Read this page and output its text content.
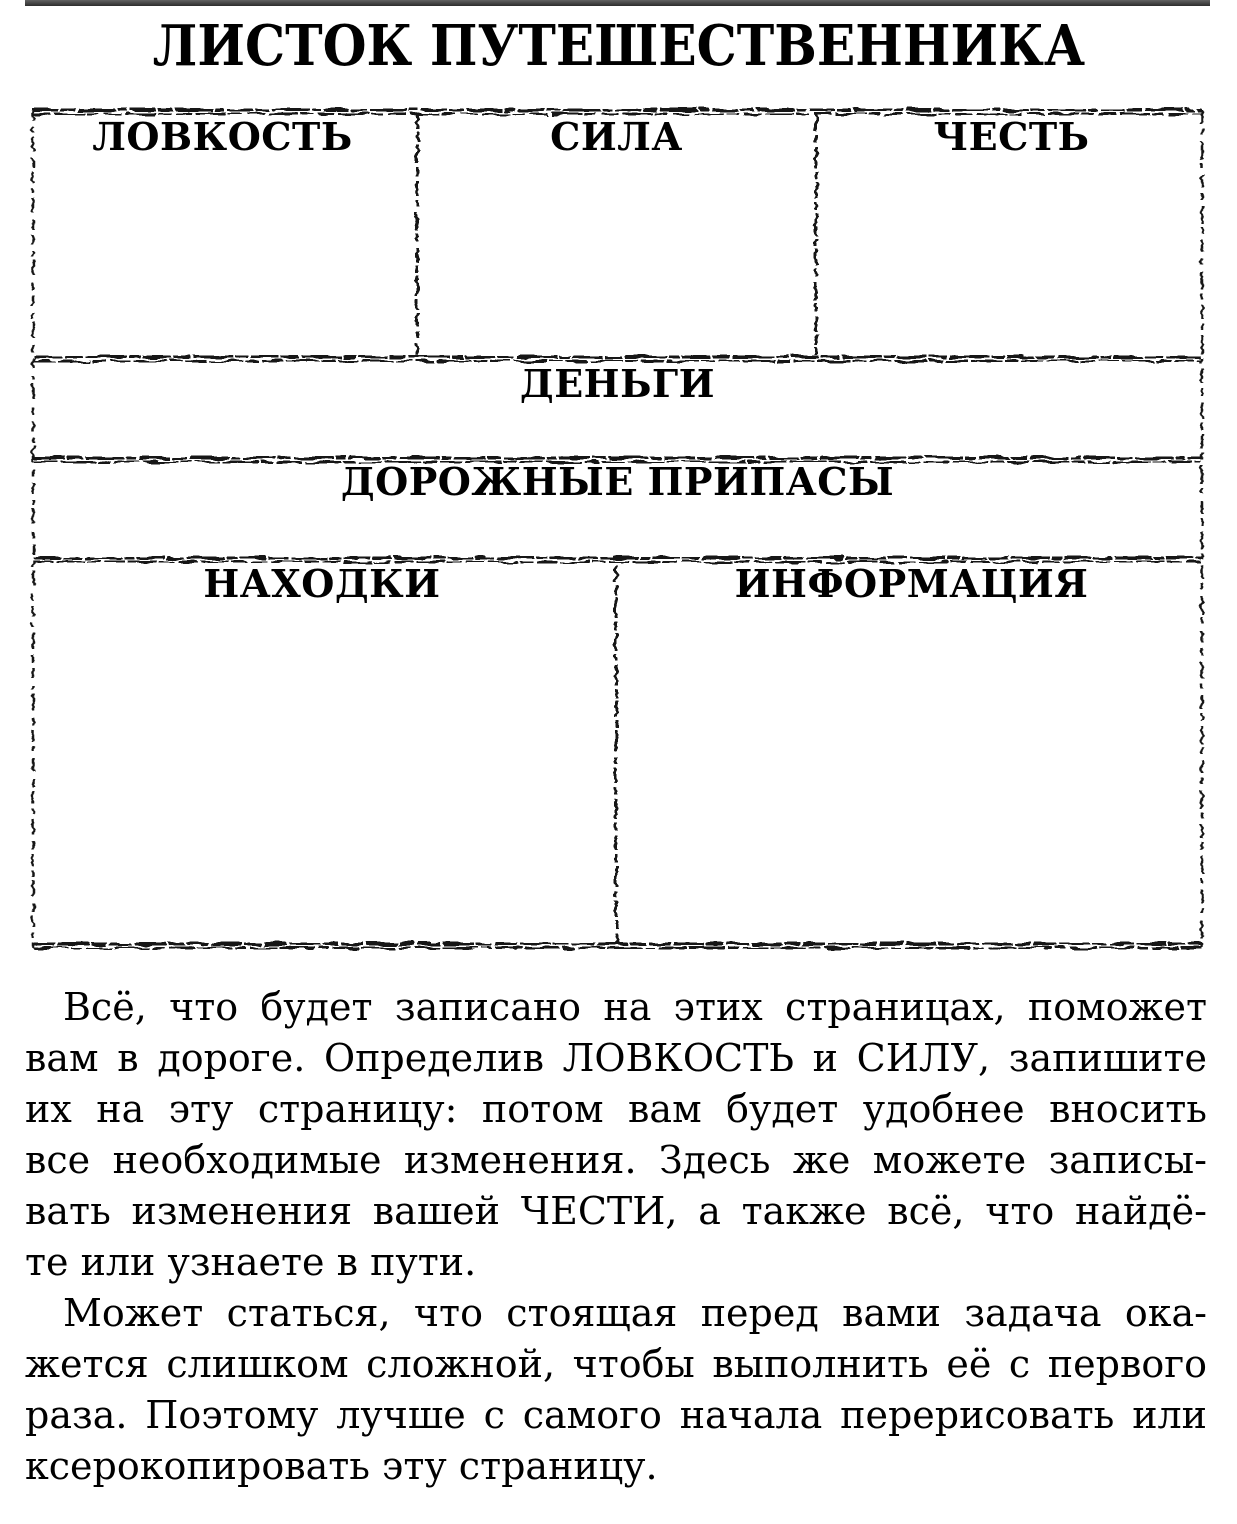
ЛИСТОК ПУТЕШЕСТВЕННИКА
ЛОВКОСТЬ	СИЛА	ЧЕСТЬ
ДЕНЬГИ
ДОРОЖНЫЕ ПРИПАСЫ
НАХОДКИ	ИНФОРМАЦИЯ
Всё, что будет записано на этих страницах, поможет
вам в дороге. Определив ЛОВКОСТЬ и СИЛУ, запишите
их на эту страницу: потом вам будет удобнее вносить
все необходимые изменения. Здесь же можете записы-
вать изменения вашей ЧЕСТИ, а также всё, что найдё-
те или узнаете в пути.
Может статься, что стоящая перед вами задача ока-
жется слишком сложной, чтобы выполнить её с первого
раза. Поэтому лучше с самого начала перерисовать или
ксерокопировать эту страницу.
